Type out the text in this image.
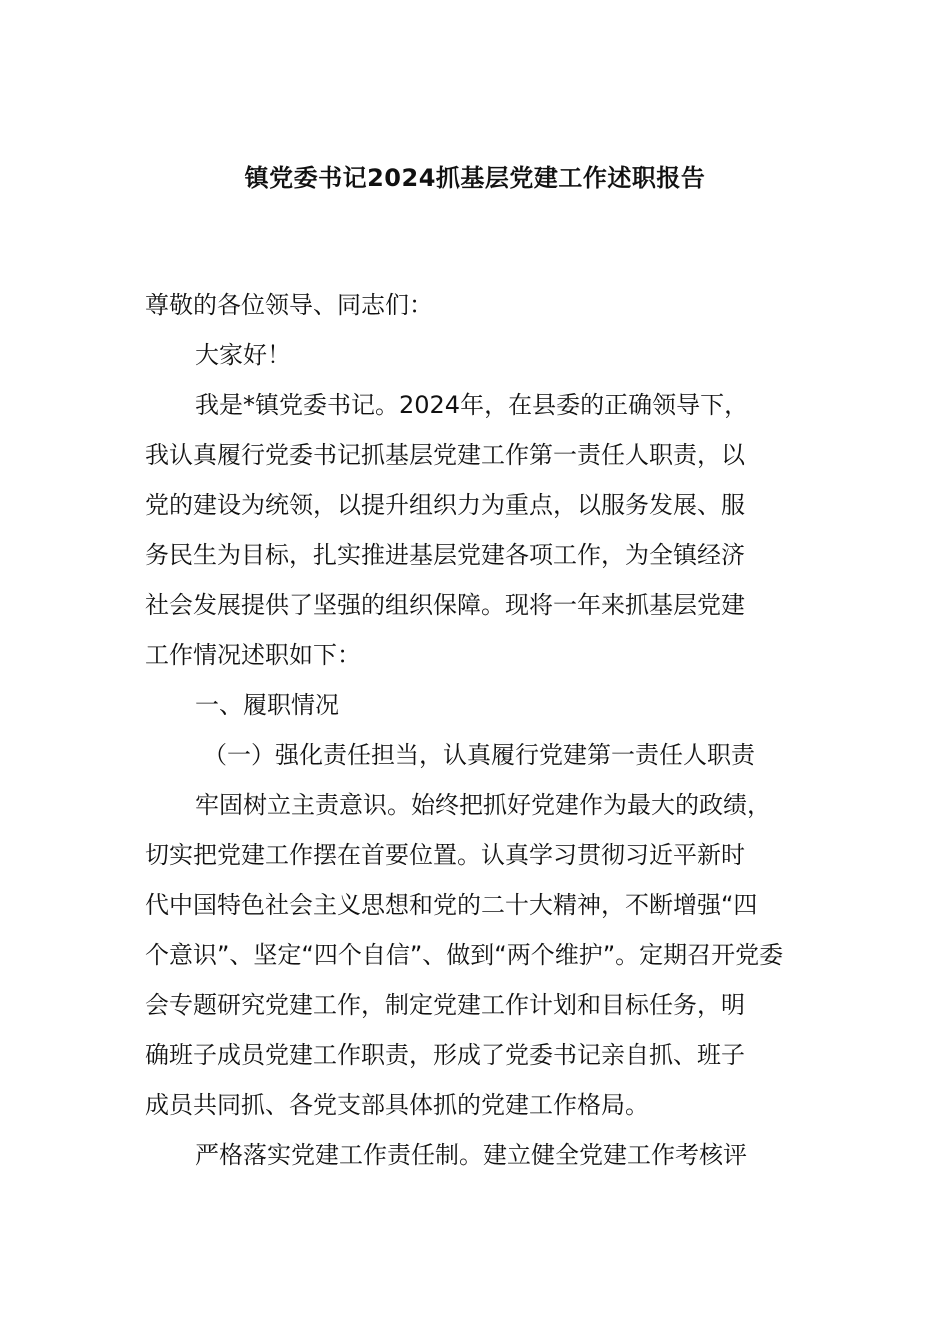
镇党委书记2024抓基层党建工作述职报告

尊敬的各位领导、同志们：

大家好！

我是*镇党委书记。2024年，在县委的正确领导下，

我认真履行党委书记抓基层党建工作第一责任人职责，以

党的建设为统领，以提升组织力为重点，以服务发展、服

务民生为目标，扎实推进基层党建各项工作，为全镇经济

社会发展提供了坚强的组织保障。现将一年来抓基层党建

工作情况述职如下：

一、履职情况

（一）强化责任担当，认真履行党建第一责任人职责

牢固树立主责意识。始终把抓好党建作为最大的政绩，

切实把党建工作摆在首要位置。认真学习贯彻习近平新时

代中国特色社会主义思想和党的二十大精神，不断增强“四

个意识”、坚定“四个自信”、做到“两个维护”。定期召开党委

会专题研究党建工作，制定党建工作计划和目标任务，明

确班子成员党建工作职责，形成了党委书记亲自抓、班子

成员共同抓、各党支部具体抓的党建工作格局。

严格落实党建工作责任制。建立健全党建工作考核评
